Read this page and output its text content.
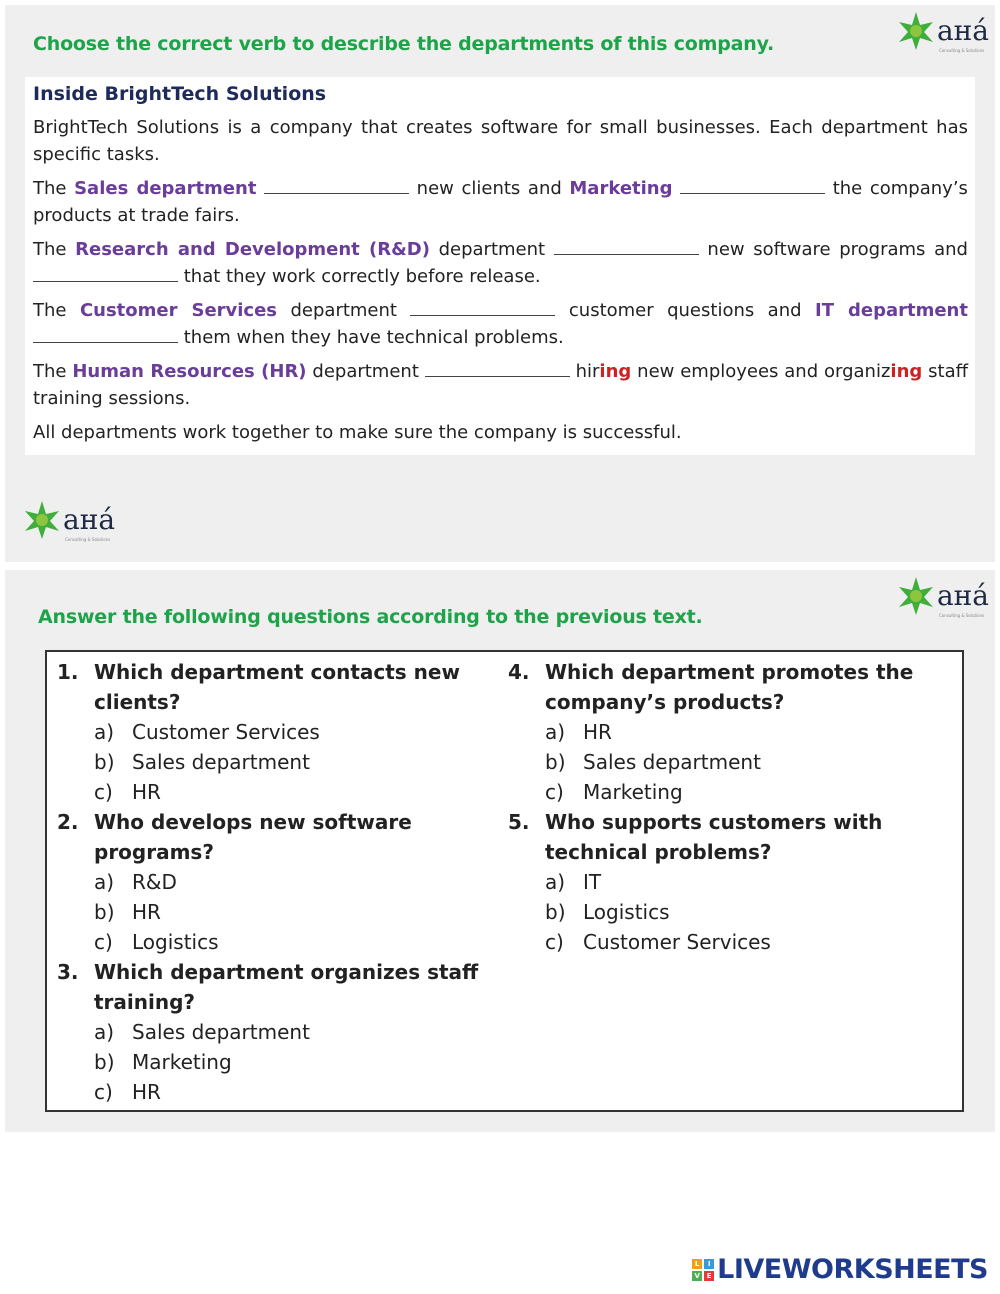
Choose the correct verb to describe the departments of this company.	aнá
Consulting & Solutions
Inside BrightTech Solutions

BrightTech Solutions is a company that creates software for small businesses. Each department has specific tasks.

The Sales department	new clients and Marketing	the company’s products at trade fairs.

The Research and Development (R&D) department	new software programs and  that they work correctly before release.

The Customer Services department	customer questions and IT department  them when they have technical problems.

The Human Resources (HR) department	hiring new employees and organizing staff training sessions.

All departments work together to make sure the company is successful.

aнá
Consulting & Solutions
Answer the following questions according to the previous text.
aнá
Consulting & Solutions
1. Which department contacts new clients?

a) Customer Services
b) Sales department
c) HR
2. Who develops new software programs?

a) R&D
b) HR
c) Logistics
3. Which department organizes staff training?

a) Sales department
b) Marketing
c) HR
4. Which department promotes the company’s products?

a) HR
b) Sales department
c) Marketing
5. Who supports customers with technical problems?

a) IT
b) Logistics
c) Customer Services
L	I
V E LIVEWORKSHEETS
